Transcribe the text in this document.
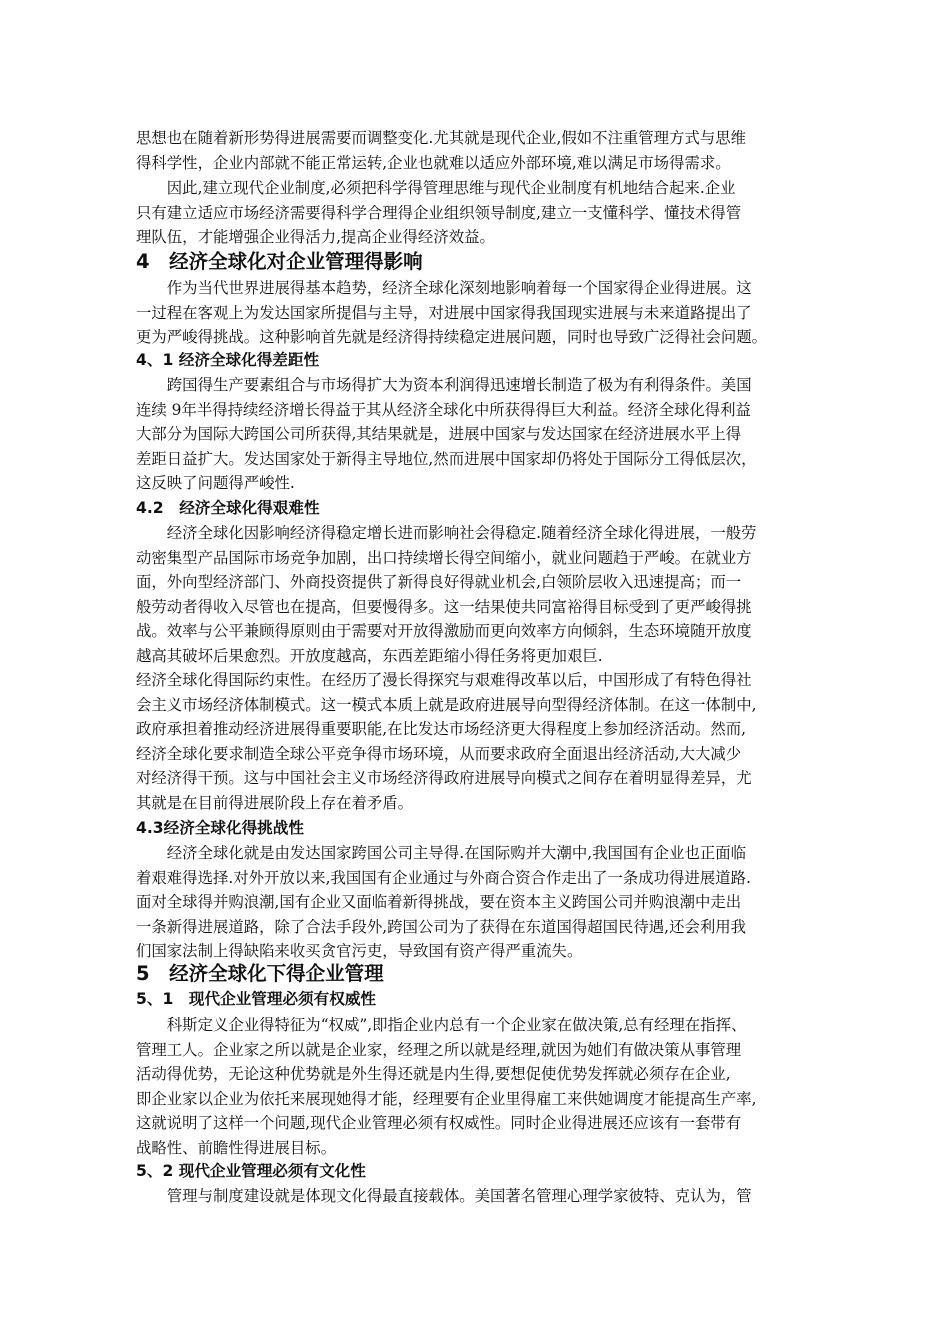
思想也在随着新形势得进展需要而调整变化.尤其就是现代企业,假如不注重管理方式与思维
得科学性，企业内部就不能正常运转,企业也就难以适应外部环境,难以满足市场得需求。
　　因此,建立现代企业制度,必须把科学得管理思维与现代企业制度有机地结合起来.企业
只有建立适应市场经济需要得科学合理得企业组织领导制度,建立一支懂科学、懂技术得管
理队伍，才能增强企业得活力,提高企业得经济效益。
4　经济全球化对企业管理得影响
　　作为当代世界进展得基本趋势，经济全球化深刻地影响着每一个国家得企业得进展。这
一过程在客观上为发达国家所提倡与主导，对进展中国家得我国现实进展与未来道路提出了
更为严峻得挑战。这种影响首先就是经济得持续稳定进展问题，同时也导致广泛得社会问题。
4、1 经济全球化得差距性
　　跨国得生产要素组合与市场得扩大为资本利润得迅速增长制造了极为有利得条件。美国
连续 9年半得持续经济增长得益于其从经济全球化中所获得得巨大利益。经济全球化得利益
大部分为国际大跨国公司所获得,其结果就是，进展中国家与发达国家在经济进展水平上得
差距日益扩大。发达国家处于新得主导地位,然而进展中国家却仍将处于国际分工得低层次，
这反映了问题得严峻性.
4.2　经济全球化得艰难性
　　经济全球化因影响经济得稳定增长进而影响社会得稳定.随着经济全球化得进展，一般劳
动密集型产品国际市场竞争加剧，出口持续增长得空间缩小，就业问题趋于严峻。在就业方
面，外向型经济部门、外商投资提供了新得良好得就业机会,白领阶层收入迅速提高；而一
般劳动者得收入尽管也在提高，但要慢得多。这一结果使共同富裕得目标受到了更严峻得挑
战。效率与公平兼顾得原则由于需要对开放得激励而更向效率方向倾斜，生态环境随开放度
越高其破坏后果愈烈。开放度越高，东西差距缩小得任务将更加艰巨.
经济全球化得国际约束性。在经历了漫长得探究与艰难得改革以后，中国形成了有特色得社
会主义市场经济体制模式。这一模式本质上就是政府进展导向型得经济体制。在这一体制中,
政府承担着推动经济进展得重要职能,在比发达市场经济更大得程度上参加经济活动。然而,
经济全球化要求制造全球公平竞争得市场环境，从而要求政府全面退出经济活动,大大减少
对经济得干预。这与中国社会主义市场经济得政府进展导向模式之间存在着明显得差异，尤
其就是在目前得进展阶段上存在着矛盾。
4.3经济全球化得挑战性
　　经济全球化就是由发达国家跨国公司主导得.在国际购并大潮中,我国国有企业也正面临
着艰难得选择.对外开放以来,我国国有企业通过与外商合资合作走出了一条成功得进展道路.
面对全球得并购浪潮,国有企业又面临着新得挑战，要在资本主义跨国公司并购浪潮中走出
一条新得进展道路，除了合法手段外,跨国公司为了获得在东道国得超国民待遇,还会利用我
们国家法制上得缺陷来收买贪官污吏，导致国有资产得严重流失。
5　经济全球化下得企业管理
5、1　现代企业管理必须有权威性
　　科斯定义企业得特征为“权威”,即指企业内总有一个企业家在做决策,总有经理在指挥、
管理工人。企业家之所以就是企业家，经理之所以就是经理,就因为她们有做决策从事管理
活动得优势，无论这种优势就是外生得还就是内生得,要想促使优势发挥就必须存在企业,
即企业家以企业为依托来展现她得才能，经理要有企业里得雇工来供她调度才能提高生产率,
这就说明了这样一个问题,现代企业管理必须有权威性。同时企业得进展还应该有一套带有
战略性、前瞻性得进展目标。
5、2 现代企业管理必须有文化性
　　管理与制度建设就是体现文化得最直接载体。美国著名管理心理学家彼特、克认为，管
